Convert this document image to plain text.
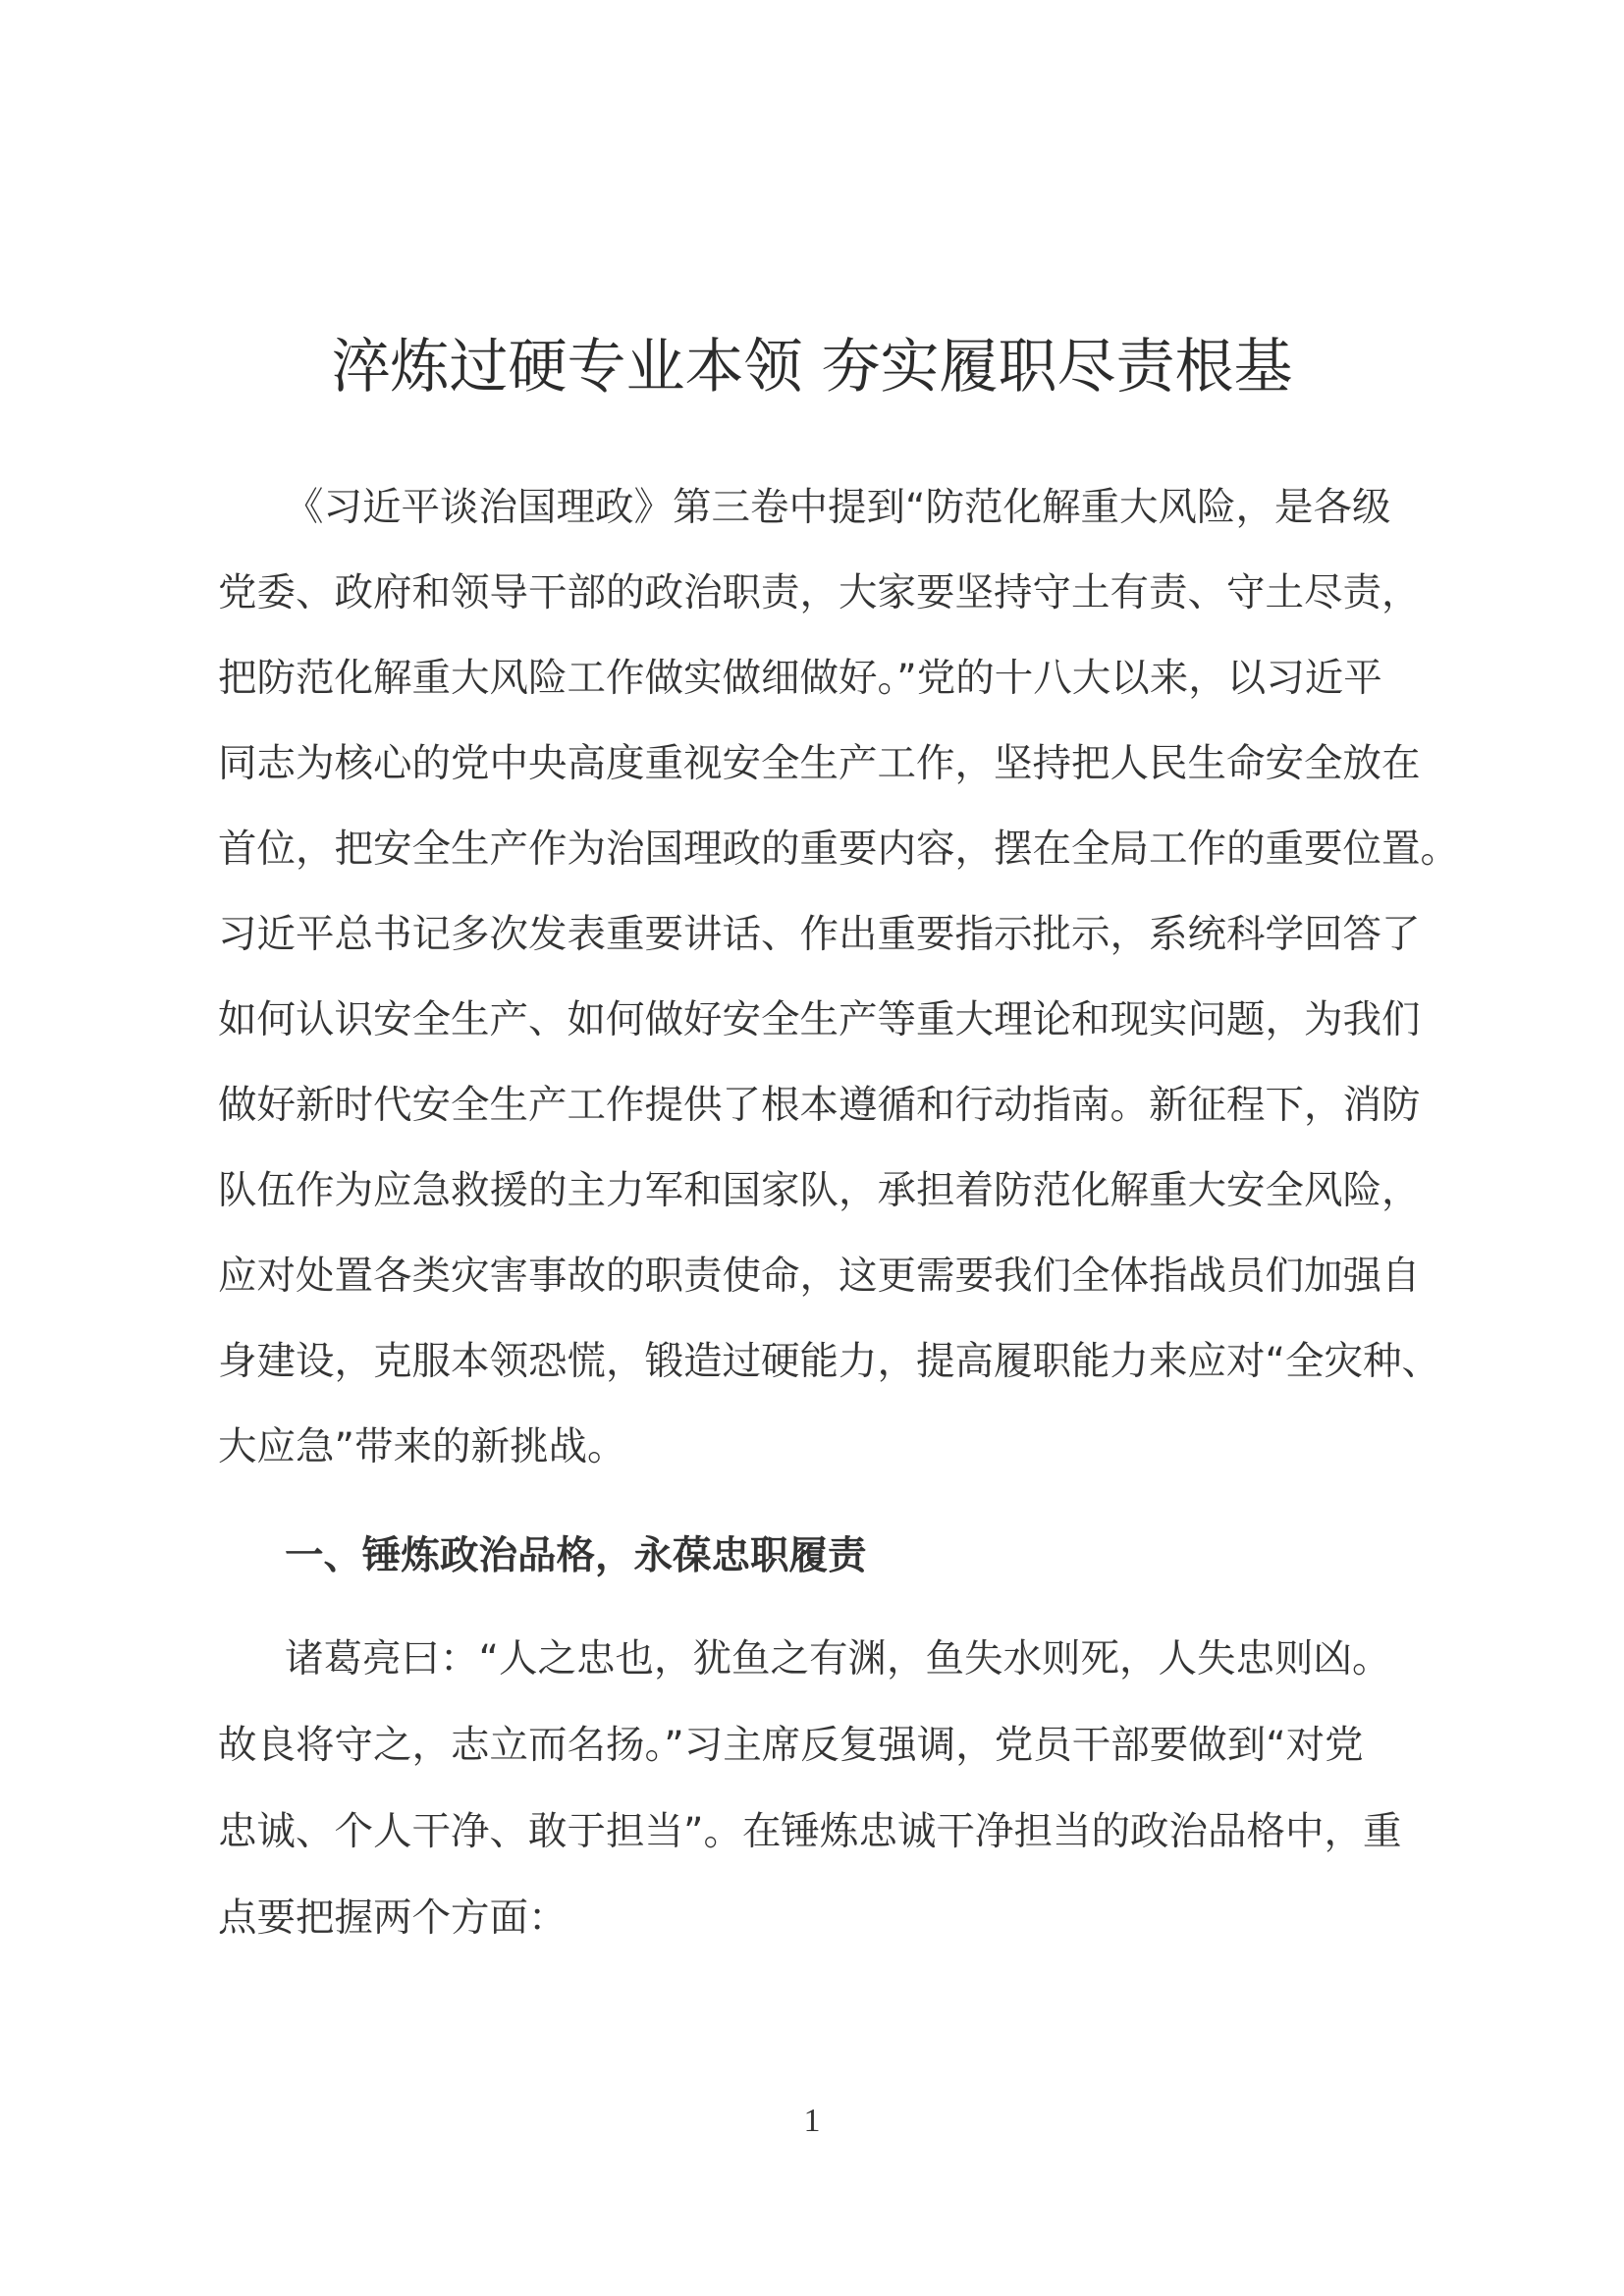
淬炼过硬专业本领 夯实履职尽责根基
《习近平谈治国理政》第三卷中提到“防范化解重大风险，是各级
党委、政府和领导干部的政治职责，大家要坚持守土有责、守土尽责，
把防范化解重大风险工作做实做细做好。”党的十八大以来，以习近平
同志为核心的党中央高度重视安全生产工作，坚持把人民生命安全放在
首位，把安全生产作为治国理政的重要内容，摆在全局工作的重要位置。
习近平总书记多次发表重要讲话、作出重要指示批示，系统科学回答了
如何认识安全生产、如何做好安全生产等重大理论和现实问题，为我们
做好新时代安全生产工作提供了根本遵循和行动指南。新征程下，消防
队伍作为应急救援的主力军和国家队，承担着防范化解重大安全风险，
应对处置各类灾害事故的职责使命，这更需要我们全体指战员们加强自
身建设，克服本领恐慌，锻造过硬能力，提高履职能力来应对“全灾种、
大应急”带来的新挑战。
一、锤炼政治品格，永葆忠职履责
诸葛亮曰：“人之忠也，犹鱼之有渊，鱼失水则死，人失忠则凶。
故良将守之，志立而名扬。”习主席反复强调，党员干部要做到“对党
忠诚、个人干净、敢于担当”。在锤炼忠诚干净担当的政治品格中，重
点要把握两个方面：
1
